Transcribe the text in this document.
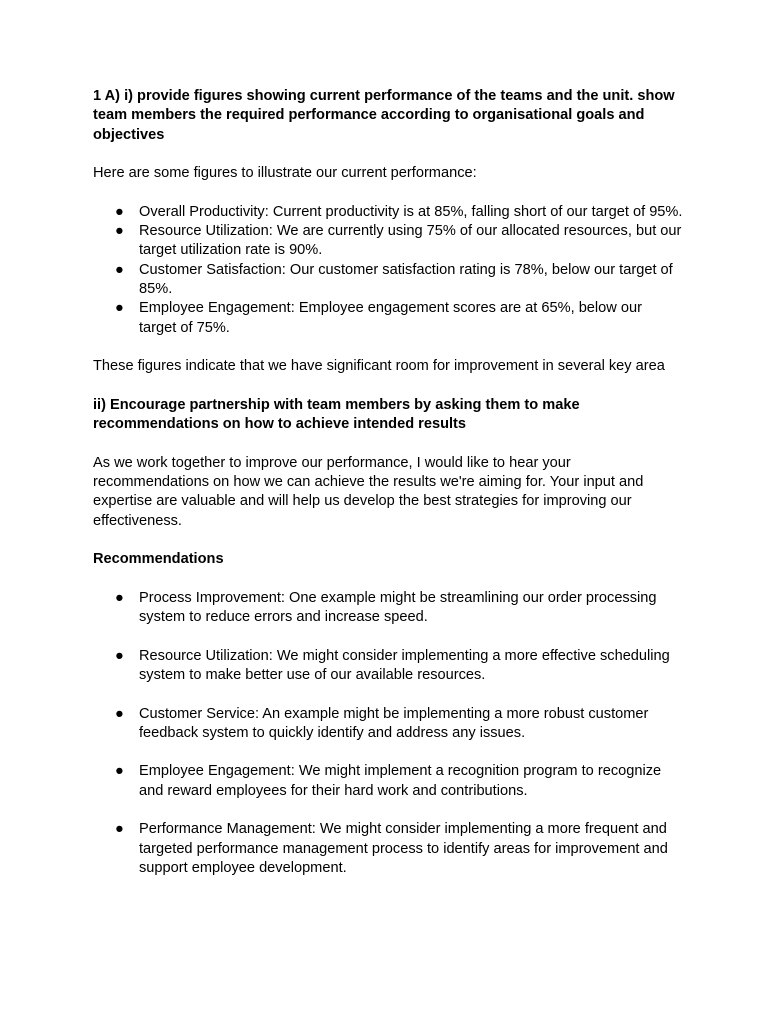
1 A) i) provide figures showing current performance of the teams and the unit. show team members the required performance according to organisational goals and objectives

Here are some figures to illustrate our current performance:

● Overall Productivity: Current productivity is at 85%, falling short of our target of 95%.
● Resource Utilization: We are currently using 75% of our allocated resources, but our target utilization rate is 90%.
● Customer Satisfaction: Our customer satisfaction rating is 78%, below our target of 85%.
● Employee Engagement: Employee engagement scores are at 65%, below our target of 75%.

These figures indicate that we have significant room for improvement in several key area

ii) Encourage partnership with team members by asking them to make recommendations on how to achieve intended results

As we work together to improve our performance, I would like to hear your recommendations on how we can achieve the results we're aiming for. Your input and expertise are valuable and will help us develop the best strategies for improving our effectiveness.

Recommendations

● Process Improvement: One example might be streamlining our order processing system to reduce errors and increase speed.
● Resource Utilization: We might consider implementing a more effective scheduling system to make better use of our available resources.
● Customer Service: An example might be implementing a more robust customer feedback system to quickly identify and address any issues.
● Employee Engagement: We might implement a recognition program to recognize and reward employees for their hard work and contributions.
● Performance Management: We might consider implementing a more frequent and targeted performance management process to identify areas for improvement and support employee development.
